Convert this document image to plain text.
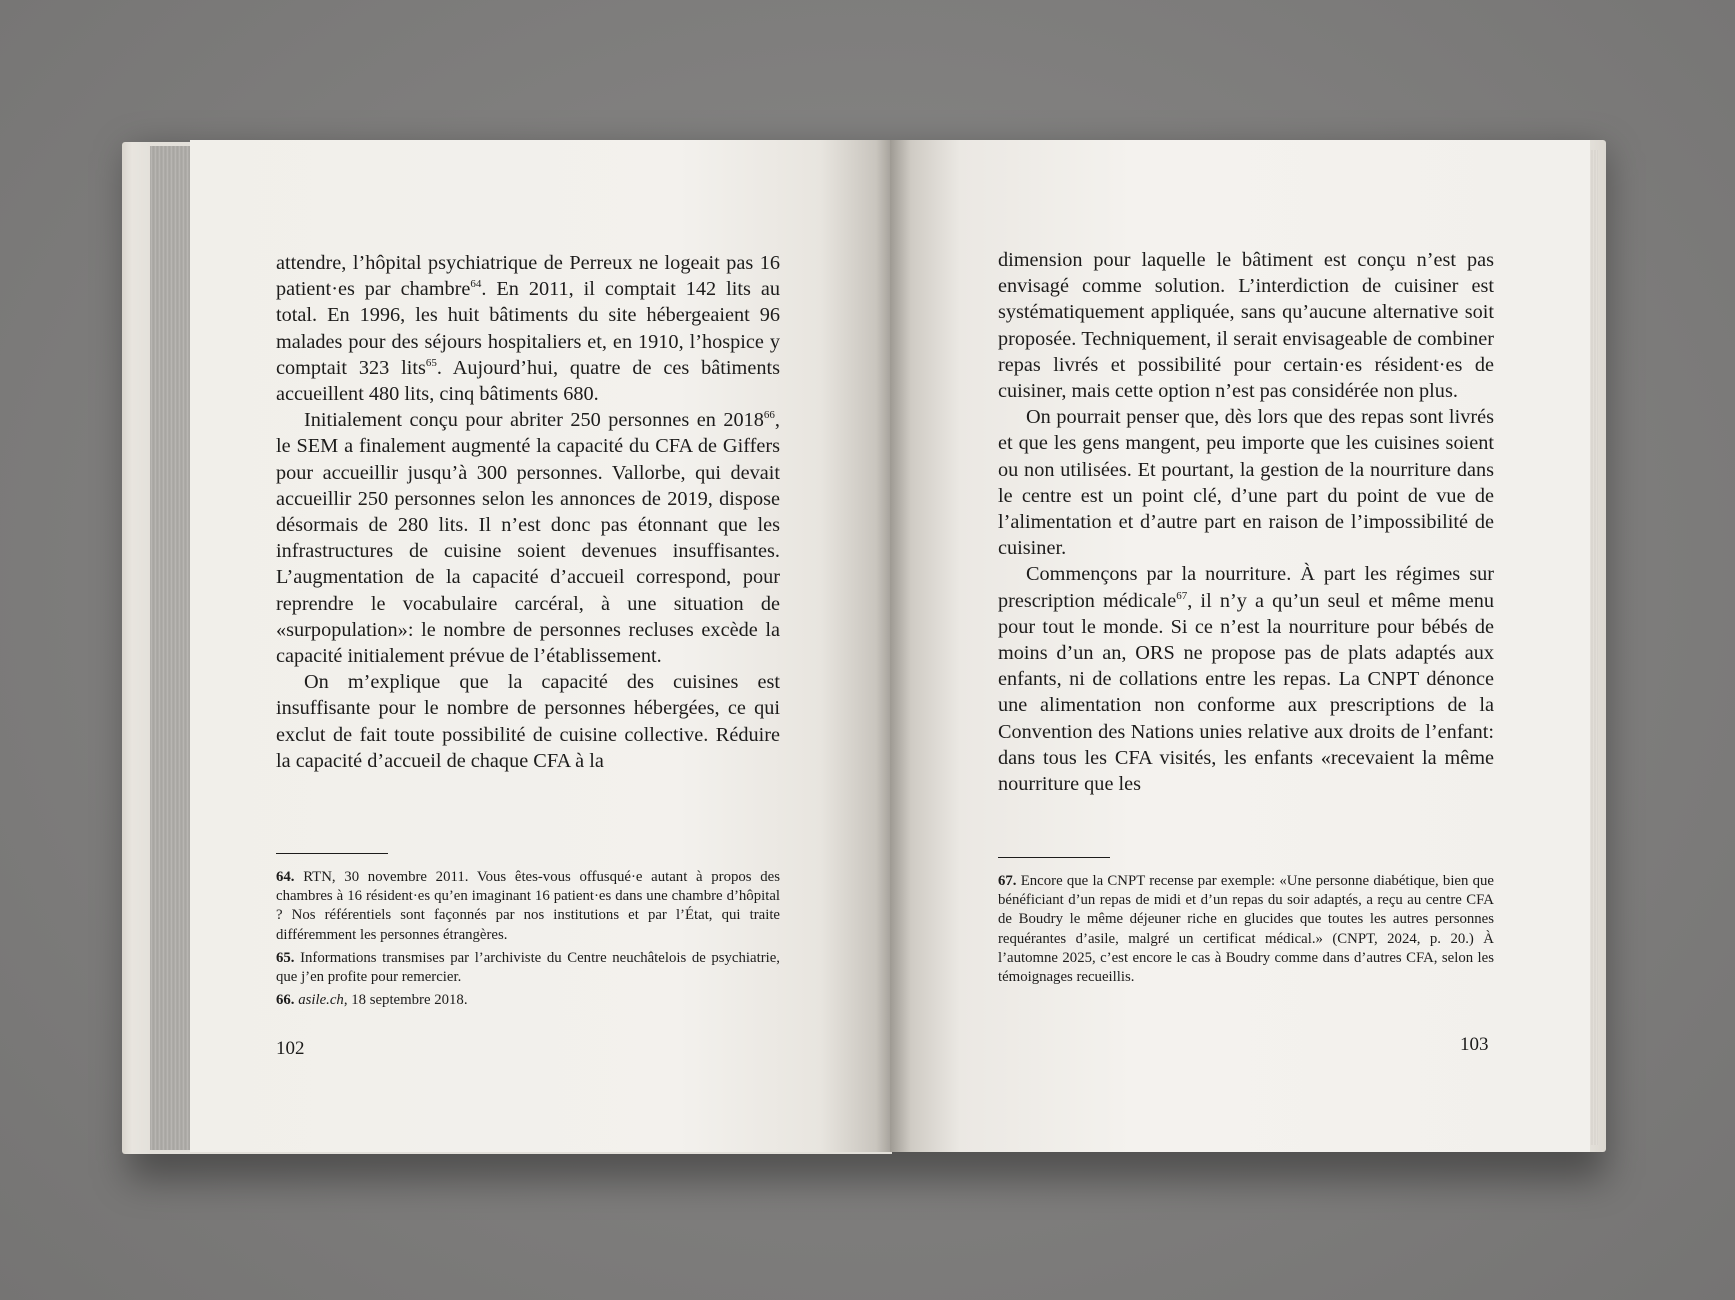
attendre, l’hôpital psychiatrique de Perreux ne logeait pas 16 patient·es par chambre$^{64}$. En 2011, il comptait 142 lits au total. En 1996, les huit bâtiments du site hébergeaient 96 malades pour des séjours hospitaliers et, en 1910, l’hospice y comptait 323 lits$^{65}$. Aujourd’hui, quatre de ces bâtiments accueillent 480 lits, cinq bâtiments 680.

Initialement conçu pour abriter 250 personnes en 2018$^{66}$, le SEM a finalement augmenté la capacité du CFA de Giffers pour accueillir jusqu’à 300 personnes. Vallorbe, qui devait accueillir 250 personnes selon les annonces de 2019, dispose désormais de 280 lits. Il n’est donc pas étonnant que les infrastructures de cuisine soient devenues insuffisantes. L’augmentation de la capacité d’accueil correspond, pour reprendre le vocabulaire carcéral, à une situation de «surpopulation»: le nombre de personnes recluses excède la capacité initialement prévue de l’établissement.

On m’explique que la capacité des cuisines est insuffisante pour le nombre de personnes hébergées, ce qui exclut de fait toute possibilité de cuisine collective. Réduire la capacité d’accueil de chaque CFA à la

64. RTN, 30 novembre 2011. Vous êtes-vous offusqué·e autant à propos des chambres à 16 résident·es qu’en imaginant 16 patient·es dans une chambre d’hôpital ? Nos référentiels sont façonnés par nos institutions et par l’État, qui traite différemment les personnes étrangères.

65. Informations transmises par l’archiviste du Centre neuchâtelois de psychiatrie, que j’en profite pour remercier.

66. asile.ch, 18 septembre 2018.

102

dimension pour laquelle le bâtiment est conçu n’est pas envisagé comme solution. L’interdiction de cuisiner est systématiquement appliquée, sans qu’aucune alternative soit proposée. Techniquement, il serait envisageable de combiner repas livrés et possibilité pour certain·es résident·es de cuisiner, mais cette option n’est pas considérée non plus.

On pourrait penser que, dès lors que des repas sont livrés et que les gens mangent, peu importe que les cuisines soient ou non utilisées. Et pourtant, la gestion de la nourriture dans le centre est un point clé, d’une part du point de vue de l’alimentation et d’autre part en raison de l’impossibilité de cuisiner.

Commençons par la nourriture. À part les régimes sur prescription médicale$^{67}$, il n’y a qu’un seul et même menu pour tout le monde. Si ce n’est la nourriture pour bébés de moins d’un an, ORS ne propose pas de plats adaptés aux enfants, ni de collations entre les repas. La CNPT dénonce une alimentation non conforme aux prescriptions de la Convention des Nations unies relative aux droits de l’enfant: dans tous les CFA visités, les enfants «recevaient la même nourriture que les

67. Encore que la CNPT recense par exemple: «Une personne diabétique, bien que bénéficiant d’un repas de midi et d’un repas du soir adaptés, a reçu au centre CFA de Boudry le même déjeuner riche en glucides que toutes les autres personnes requérantes d’asile, malgré un certificat médical.» (CNPT, 2024, p. 20.) À l’automne 2025, c’est encore le cas à Boudry comme dans d’autres CFA, selon les témoignages recueillis.

103
